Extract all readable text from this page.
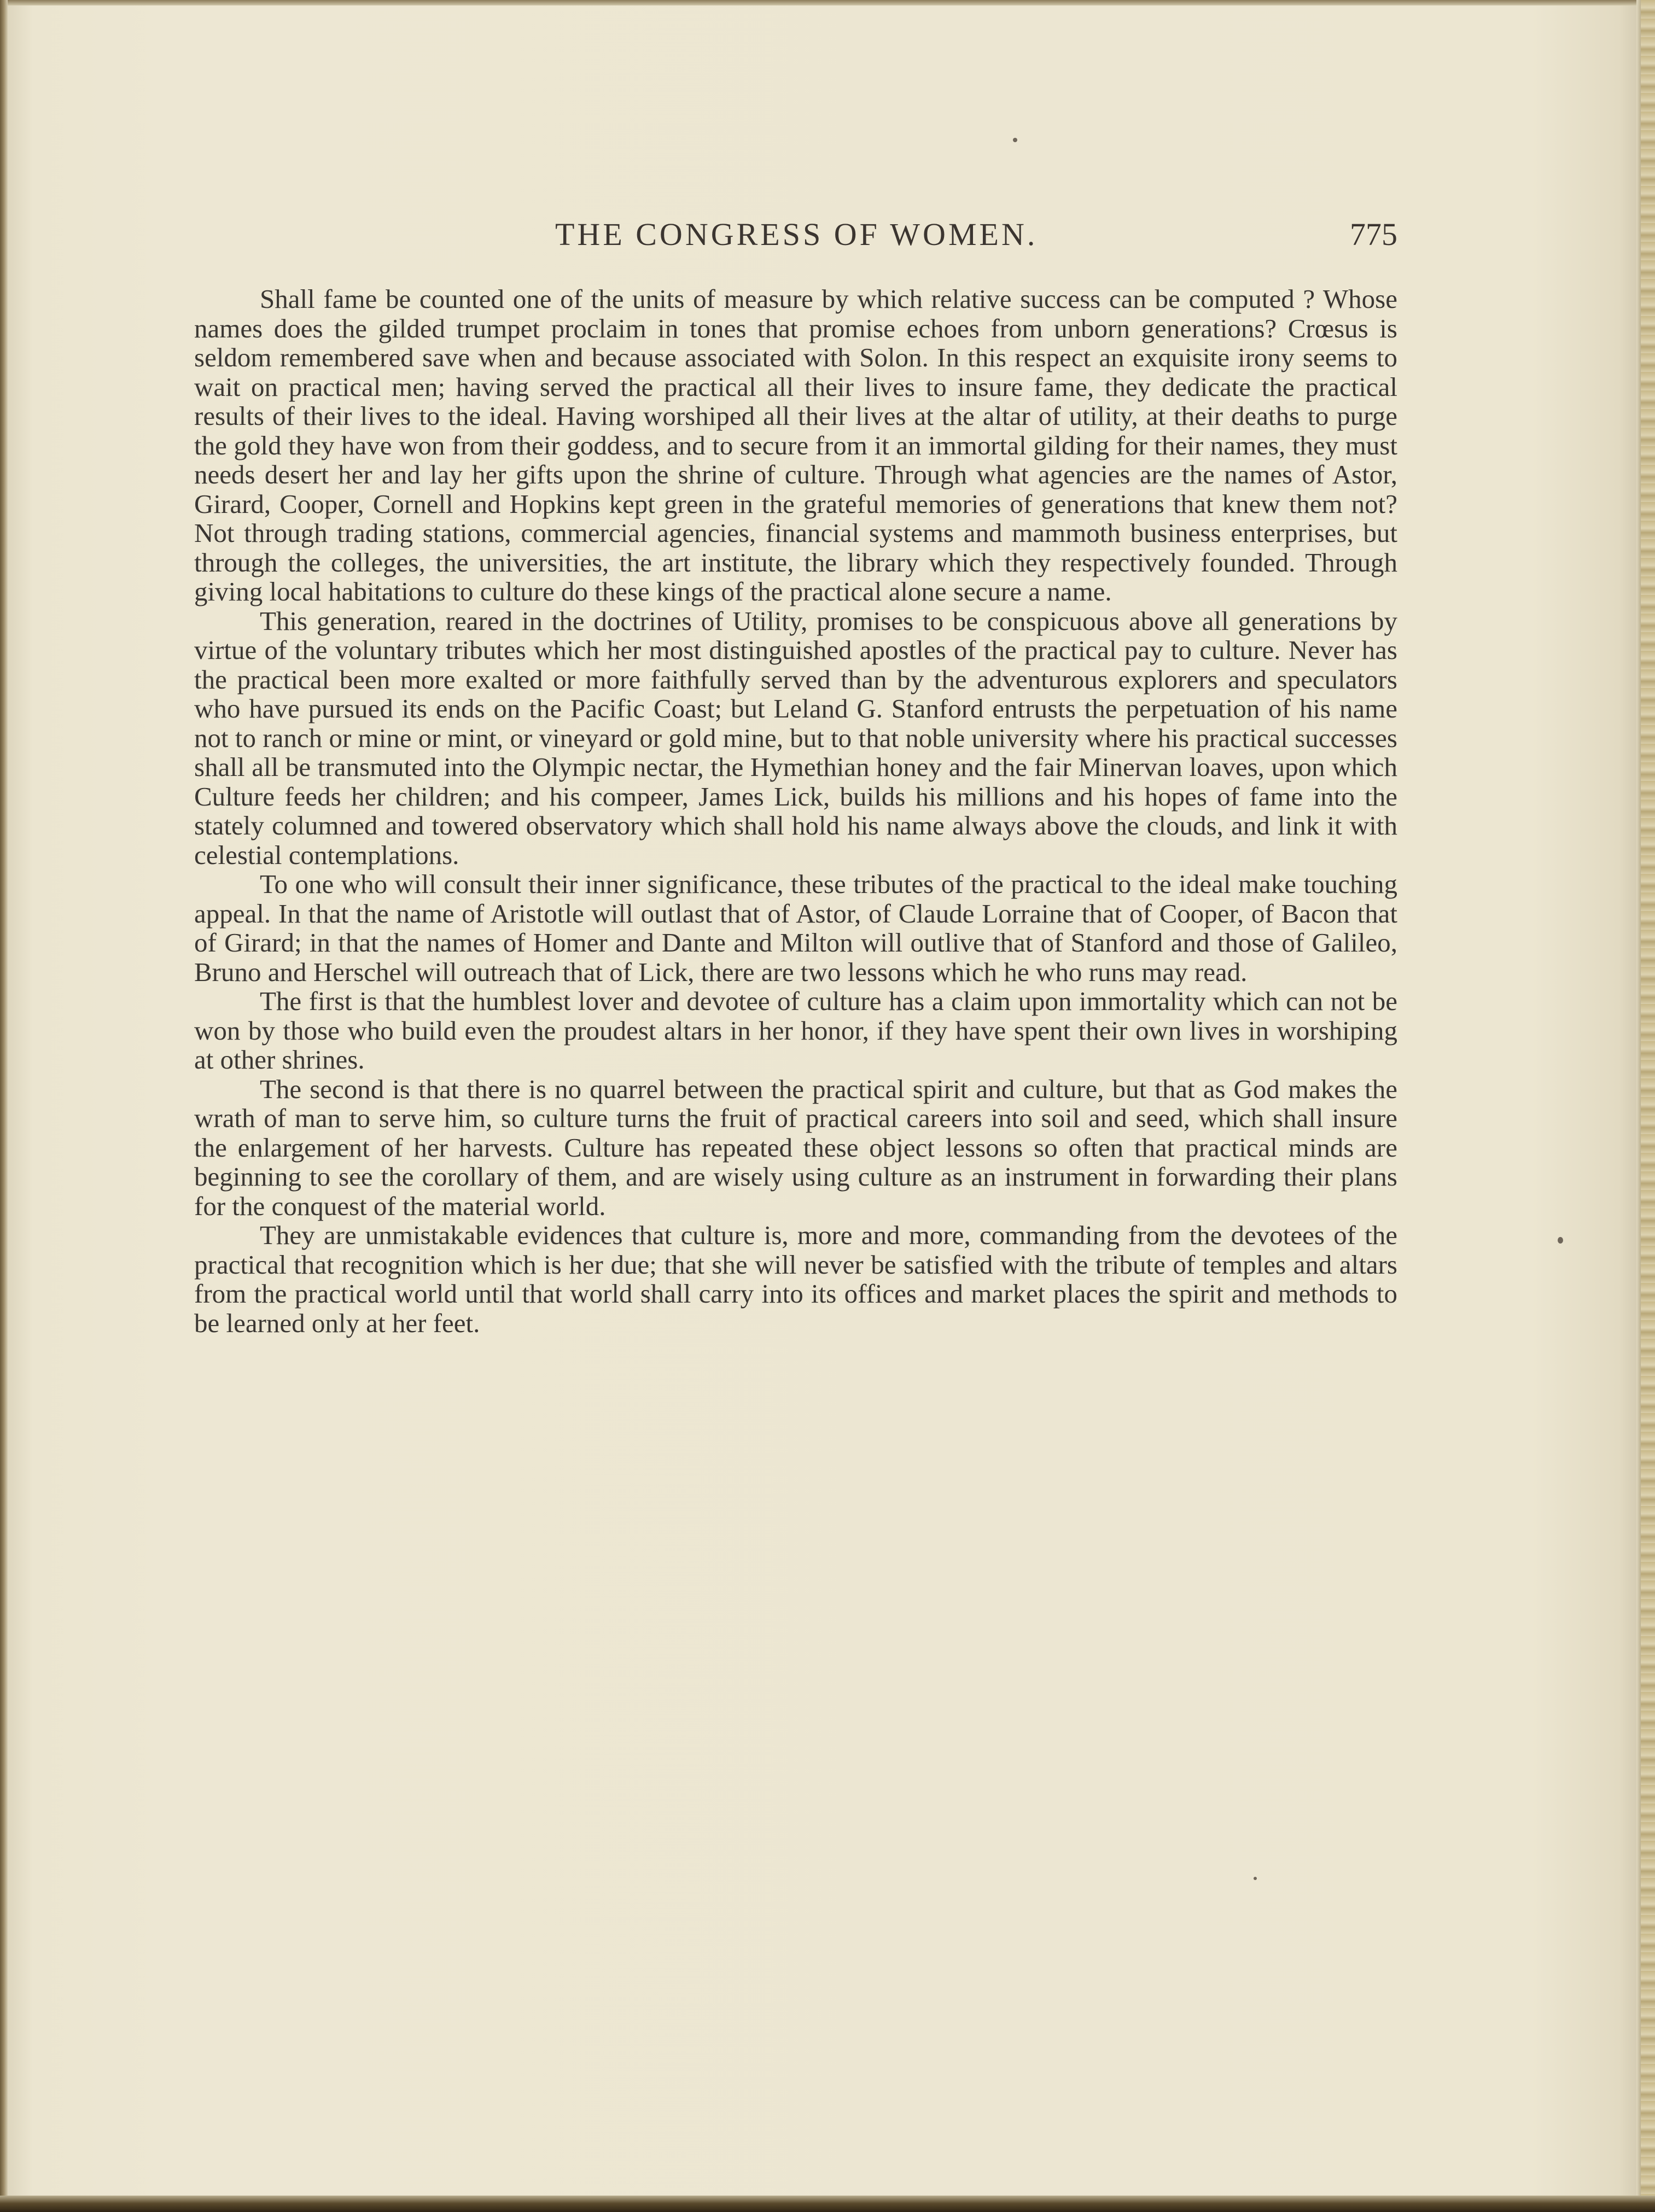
THE CONGRESS OF WOMEN.	775

Shall fame be counted one of the units of measure by which relative success can be computed ? Whose names does the gilded trumpet proclaim in tones that promise echoes from unborn generations? Crœsus is seldom remembered save when and because associated with Solon. In this respect an exquisite irony seems to wait on practical men; having served the practical all their lives to insure fame, they dedicate the practical results of their lives to the ideal. Having worshiped all their lives at the altar of utility, at their deaths to purge the gold they have won from their goddess, and to secure from it an immortal gilding for their names, they must needs desert her and lay her gifts upon the shrine of culture. Through what agencies are the names of Astor, Girard, Cooper, Cornell and Hopkins kept green in the grateful memories of generations that knew them not? Not through trading stations, commercial agencies, financial systems and mammoth business enterprises, but through the colleges, the universities, the art institute, the library which they respectively founded. Through giving local habitations to culture do these kings of the practical alone secure a name.

This generation, reared in the doctrines of Utility, promises to be conspicuous above all generations by virtue of the voluntary tributes which her most distinguished apostles of the practical pay to culture. Never has the practical been more exalted or more faithfully served than by the adventurous explorers and speculators who have pursued its ends on the Pacific Coast; but Leland G. Stanford entrusts the perpetuation of his name not to ranch or mine or mint, or vineyard or gold mine, but to that noble university where his practical successes shall all be transmuted into the Olympic nectar, the Hymethian honey and the fair Minervan loaves, upon which Culture feeds her children; and his compeer, James Lick, builds his millions and his hopes of fame into the stately columned and towered observatory which shall hold his name always above the clouds, and link it with celestial contemplations.

To one who will consult their inner significance, these tributes of the practical to the ideal make touching appeal. In that the name of Aristotle will outlast that of Astor, of Claude Lorraine that of Cooper, of Bacon that of Girard; in that the names of Homer and Dante and Milton will outlive that of Stanford and those of Galileo, Bruno and Herschel will outreach that of Lick, there are two lessons which he who runs may read.

The first is that the humblest lover and devotee of culture has a claim upon immortality which can not be won by those who build even the proudest altars in her honor, if they have spent their own lives in worshiping at other shrines.

The second is that there is no quarrel between the practical spirit and culture, but that as God makes the wrath of man to serve him, so culture turns the fruit of practical careers into soil and seed, which shall insure the enlargement of her harvests. Culture has repeated these object lessons so often that practical minds are beginning to see the corollary of them, and are wisely using culture as an instrument in forwarding their plans for the conquest of the material world.

They are unmistakable evidences that culture is, more and more, commanding from the devotees of the practical that recognition which is her due; that she will never be satisfied with the tribute of temples and altars from the practical world until that world shall carry into its offices and market places the spirit and methods to be learned only at her feet.
